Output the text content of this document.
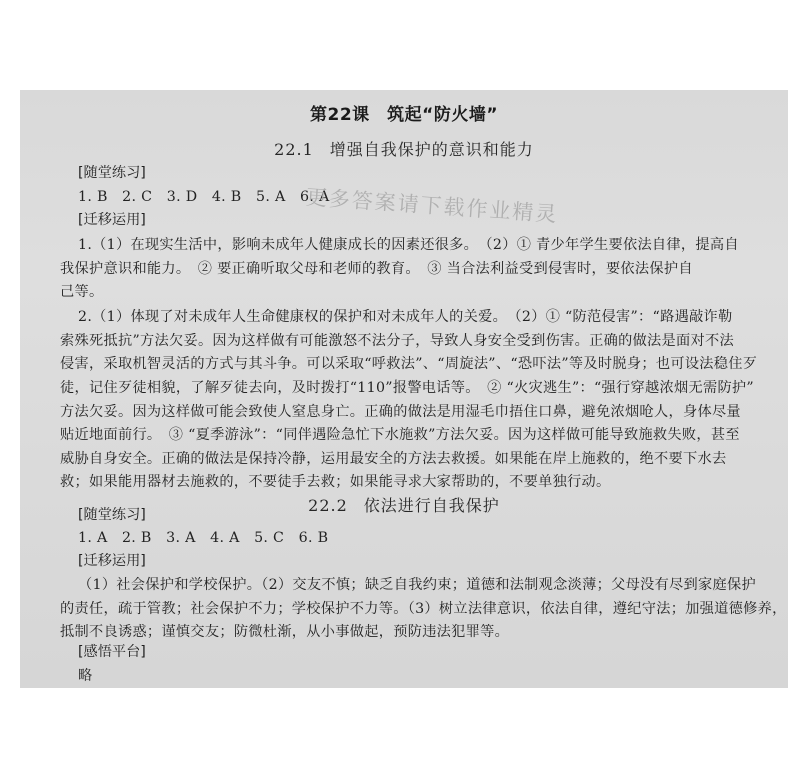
第22课　筑起“防火墙”
22.1 增强自我保护的意识和能力
[随堂练习]
1. B　2. C　3. D　4. B　5. A　6. A
更多答案请下载作业精灵
[迁移运用]
1.（1）在现实生活中，影响未成年人健康成长的因素还很多。　（2）① 青少年学生要依法自律，提高自
我保护意识和能力。　② 要正确听取父母和老师的教育。　③ 当合法利益受到侵害时，要依法保护自
己等。
2.（1）体现了对未成年人生命健康权的保护和对未成年人的关爱。　（2）① “防范侵害”：“路遇敲诈勒
索殊死抵抗”方法欠妥。因为这样做有可能激怒不法分子，导致人身安全受到伤害。正确的做法是面对不法
侵害，采取机智灵活的方式与其斗争。可以采取“呼救法”、“周旋法”、“恐吓法”等及时脱身；也可设法稳住歹
徒，记住歹徒相貌，了解歹徒去向，及时拨打“110”报警电话等。　② “火灾逃生”：“强行穿越浓烟无需防护”
方法欠妥。因为这样做可能会致使人窒息身亡。正确的做法是用湿毛巾捂住口鼻，避免浓烟呛人，身体尽量
贴近地面前行。　③ “夏季游泳”：“同伴遇险急忙下水施救”方法欠妥。因为这样做可能导致施救失败，甚至
威胁自身安全。正确的做法是保持冷静，运用最安全的方法去救援。如果能在岸上施救的，绝不要下水去
救；如果能用器材去施救的，不要徒手去救；如果能寻求大家帮助的，不要单独行动。
22.2 依法进行自我保护
[随堂练习]
1. A　2. B　3. A　4. A　5. C　6. B
[迁移运用]
（1）社会保护和学校保护。（2）交友不慎；缺乏自我约束；道德和法制观念淡薄；父母没有尽到家庭保护
的责任，疏于管教；社会保护不力；学校保护不力等。（3）树立法律意识，依法自律，遵纪守法；加强道德修养，
抵制不良诱惑；谨慎交友；防微杜渐，从小事做起，预防违法犯罪等。
[感悟平台]
略
